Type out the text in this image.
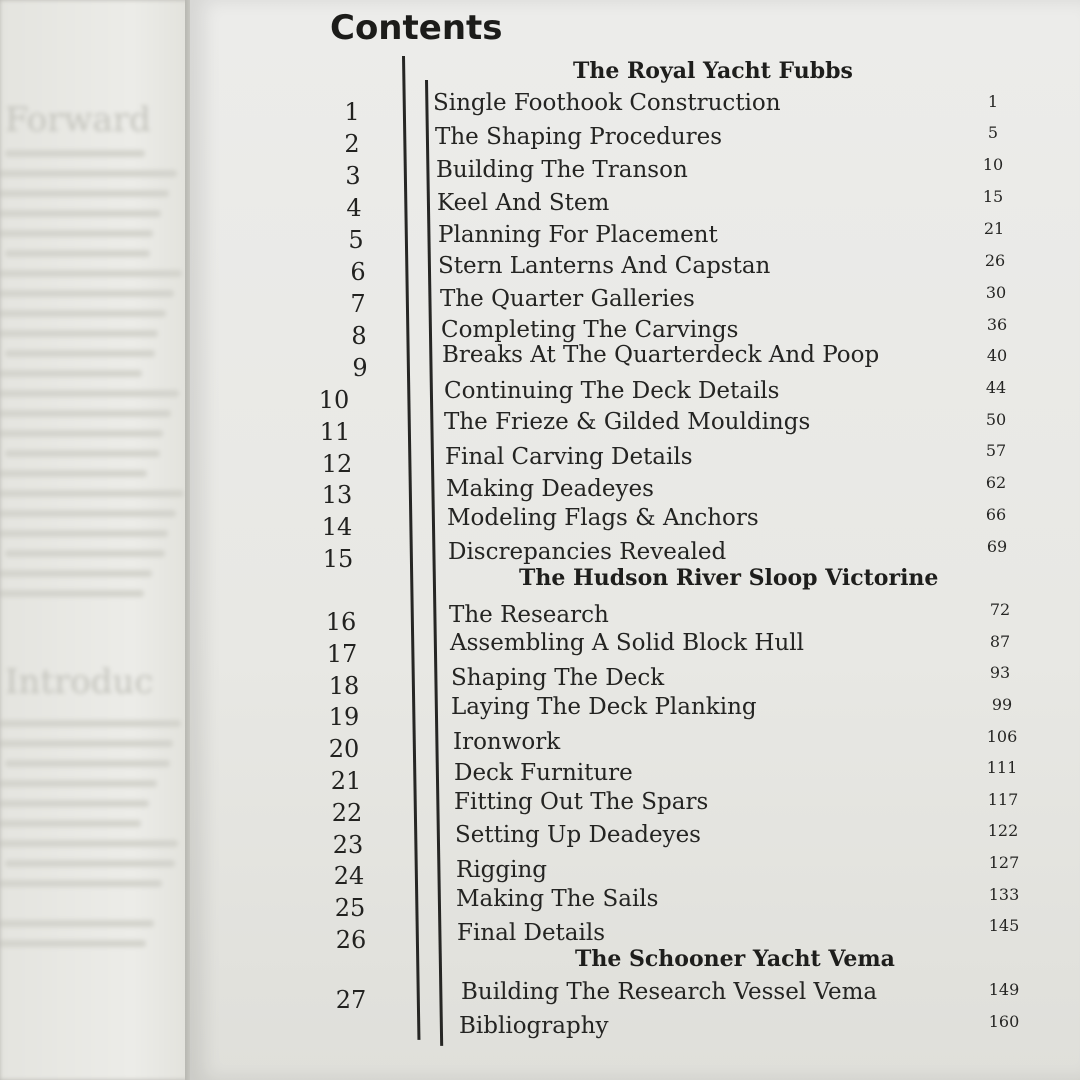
Forward
Introduc
Contents
The Royal Yacht Fubbs
1	Single Foothook Construction	1
2	The Shaping Procedures	5
3	Building The Transon	10
4	Keel And Stem	15
5	Planning For Placement	21
6	Stern Lanterns And Capstan	26
7	The Quarter Galleries	30
8	Completing The Carvings	36
9	Breaks At The Quarterdeck And Poop	40
10	Continuing The Deck Details	44
11	The Frieze & Gilded Mouldings	50
12	Final Carving Details	57
13	Making Deadeyes	62
14	Modeling Flags & Anchors	66
15	Discrepancies Revealed	69
The Hudson River Sloop Victorine
16	The Research	72
17	Assembling A Solid Block Hull	87
18	Shaping The Deck	93
19	Laying The Deck Planking	99
20	Ironwork	106
21	Deck Furniture	111
22	Fitting Out The Spars	117
23	Setting Up Deadeyes	122
24	Rigging	127
25	Making The Sails	133
26	Final Details	145
The Schooner Yacht Vema
27	Building The Research Vessel Vema	149
Bibliography	160
